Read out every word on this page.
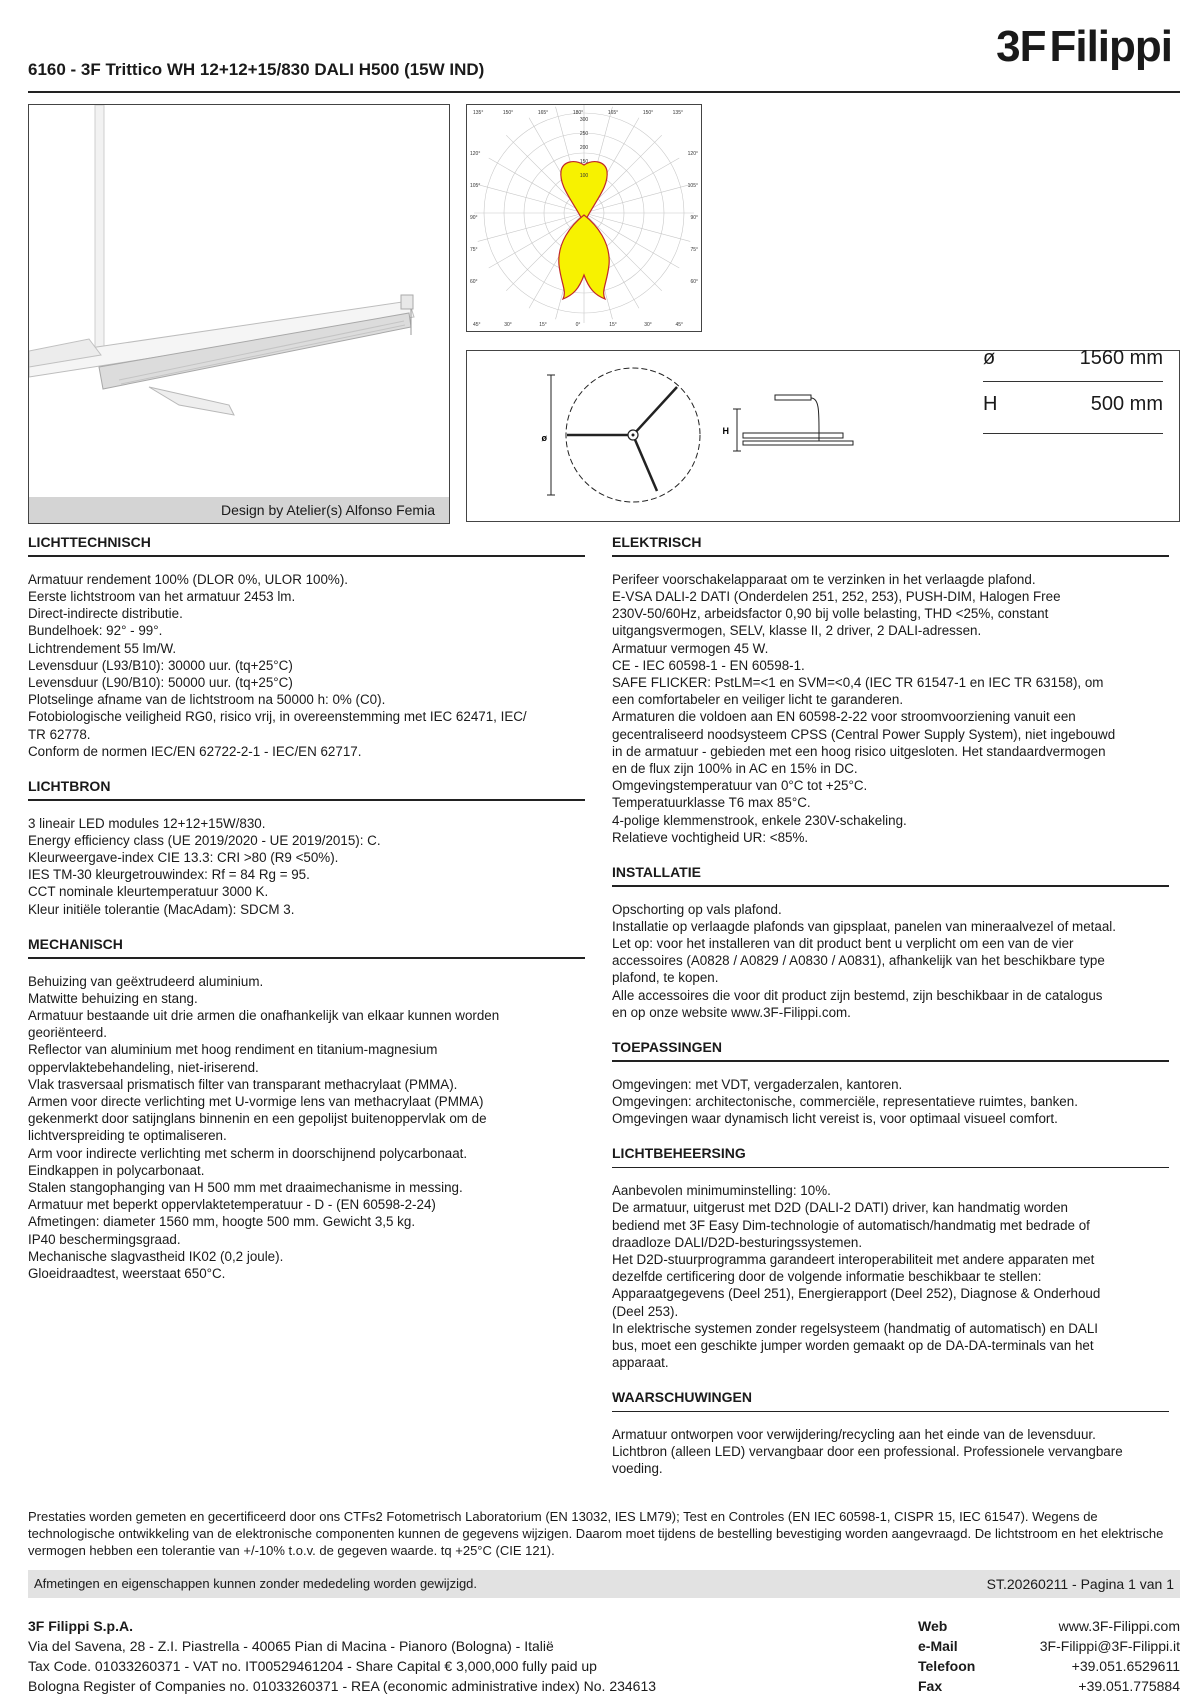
6160 - 3F Trittico WH 12+12+15/830 DALI H500 (15W IND)	3FFilippi
Design by Atelier(s) Alfonso Femia
135°	150°	165°	180°	165°	150°	135°
45°	30°	15°	0°	15°	30°	45°
120°
105°
90°
75°
60°
120°
105°
90°
75°
60°
300
250
200
150
100
ø
H
ø	1560 mm
H	500 mm
LICHTTECHNISCH
Armatuur rendement 100% (DLOR 0%, ULOR 100%).
Eerste lichtstroom van het armatuur 2453 lm.
Direct-indirecte distributie.
Bundelhoek: 92° - 99°.
Lichtrendement 55 lm/W.
Levensduur (L93/B10): 30000 uur. (tq+25°C)
Levensduur (L90/B10): 50000 uur. (tq+25°C)
Plotselinge afname van de lichtstroom na 50000 h: 0% (C0).
Fotobiologische veiligheid RG0, risico vrij, in overeenstemming met IEC 62471, IEC/
TR 62778.
Conform de normen IEC/EN 62722-2-1 - IEC/EN 62717.
LICHTBRON
3 lineair LED modules 12+12+15W/830.
Energy efficiency class (UE 2019/2020 - UE 2019/2015): C.
Kleurweergave-index CIE 13.3: CRI >80 (R9 <50%).
IES TM-30 kleurgetrouwindex: Rf = 84 Rg = 95.
CCT nominale kleurtemperatuur 3000 K.
Kleur initiële tolerantie (MacAdam): SDCM 3.
MECHANISCH
Behuizing van geëxtrudeerd aluminium.
Matwitte behuizing en stang.
Armatuur bestaande uit drie armen die onafhankelijk van elkaar kunnen worden
georiënteerd.
Reflector van aluminium met hoog rendiment en titanium-magnesium
oppervlaktebehandeling, niet-iriserend.
Vlak trasversaal prismatisch filter van transparant methacrylaat (PMMA).
Armen voor directe verlichting met U-vormige lens van methacrylaat (PMMA)
gekenmerkt door satijnglans binnenin en een gepolijst buitenoppervlak om de
lichtverspreiding te optimaliseren.
Arm voor indirecte verlichting met scherm in doorschijnend polycarbonaat.
Eindkappen in polycarbonaat.
Stalen stangophanging van H 500 mm met draaimechanisme in messing.
Armatuur met beperkt oppervlaktetemperatuur - D - (EN 60598-2-24)
Afmetingen: diameter 1560 mm, hoogte 500 mm. Gewicht 3,5 kg.
IP40 beschermingsgraad.
Mechanische slagvastheid IK02 (0,2 joule).
Gloeidraadtest, weerstaat 650°C.
ELEKTRISCH
Perifeer voorschakelapparaat om te verzinken in het verlaagde plafond.
E-VSA DALI-2 DATI (Onderdelen 251, 252, 253), PUSH-DIM, Halogen Free
230V-50/60Hz, arbeidsfactor 0,90 bij volle belasting, THD <25%, constant
uitgangsvermogen, SELV, klasse II, 2 driver, 2 DALI-adressen.
Armatuur vermogen 45 W.
CE - IEC 60598-1 - EN 60598-1.
SAFE FLICKER: PstLM=<1 en SVM=<0,4 (IEC TR 61547-1 en IEC TR 63158), om
een comfortabeler en veiliger licht te garanderen.
Armaturen die voldoen aan EN 60598-2-22 voor stroomvoorziening vanuit een
gecentraliseerd noodsysteem CPSS (Central Power Supply System), niet ingebouwd
in de armatuur - gebieden met een hoog risico uitgesloten. Het standaardvermogen
en de flux zijn 100% in AC en 15% in DC.
Omgevingstemperatuur van 0°C tot +25°C.
Temperatuurklasse T6 max 85°C.
4-polige klemmenstrook, enkele 230V-schakeling.
Relatieve vochtigheid UR: <85%.
INSTALLATIE
Opschorting op vals plafond.
Installatie op verlaagde plafonds van gipsplaat, panelen van mineraalvezel of metaal.
Let op: voor het installeren van dit product bent u verplicht om een van de vier
accessoires (A0828 / A0829 / A0830 / A0831), afhankelijk van het beschikbare type
plafond, te kopen.
Alle accessoires die voor dit product zijn bestemd, zijn beschikbaar in de catalogus
en op onze website www.3F-Filippi.com.
TOEPASSINGEN
Omgevingen: met VDT, vergaderzalen, kantoren.
Omgevingen: architectonische, commerciële, representatieve ruimtes, banken.
Omgevingen waar dynamisch licht vereist is, voor optimaal visueel comfort.
LICHTBEHEERSING
Aanbevolen minimuminstelling: 10%.
De armatuur, uitgerust met D2D (DALI-2 DATI) driver, kan handmatig worden
bediend met 3F Easy Dim-technologie of automatisch/handmatig met bedrade of
draadloze DALI/D2D-besturingssystemen.
Het D2D-stuurprogramma garandeert interoperabiliteit met andere apparaten met
dezelfde certificering door de volgende informatie beschikbaar te stellen:
Apparaatgegevens (Deel 251), Energierapport (Deel 252), Diagnose & Onderhoud
(Deel 253).
In elektrische systemen zonder regelsysteem (handmatig of automatisch) en DALI
bus, moet een geschikte jumper worden gemaakt op de DA-DA-terminals van het
apparaat.
WAARSCHUWINGEN
Armatuur ontworpen voor verwijdering/recycling aan het einde van de levensduur.
Lichtbron (alleen LED) vervangbaar door een professional. Professionele vervangbare
voeding.
Prestaties worden gemeten en gecertificeerd door ons CTFs2 Fotometrisch Laboratorium (EN 13032, IES LM79); Test en Controles (EN IEC 60598-1, CISPR 15, IEC 61547). Wegens de technologische ontwikkeling van de elektronische componenten kunnen de gegevens wijzigen. Daarom moet tijdens de bestelling bevestiging worden aangevraagd. De lichtstroom en het elektrische vermogen hebben een tolerantie van +/-10% t.o.v. de gegeven waarde. tq +25°C (CIE 121).
Afmetingen en eigenschappen kunnen zonder mededeling worden gewijzigd.	ST.20260211 - Pagina 1 van 1
3F Filippi S.p.A.
Via del Savena, 28 - Z.I. Piastrella - 40065 Pian di Macina - Pianoro (Bologna) - Italië
Tax Code. 01033260371 - VAT no. IT00529461204 - Share Capital € 3,000,000 fully paid up
Bologna Register of Companies no. 01033260371 - REA (economic administrative index) No. 234613
Web	www.3F-Filippi.com
e-Mail	3F-Filippi@3F-Filippi.it
Telefoon	+39.051.6529611
Fax	+39.051.775884
